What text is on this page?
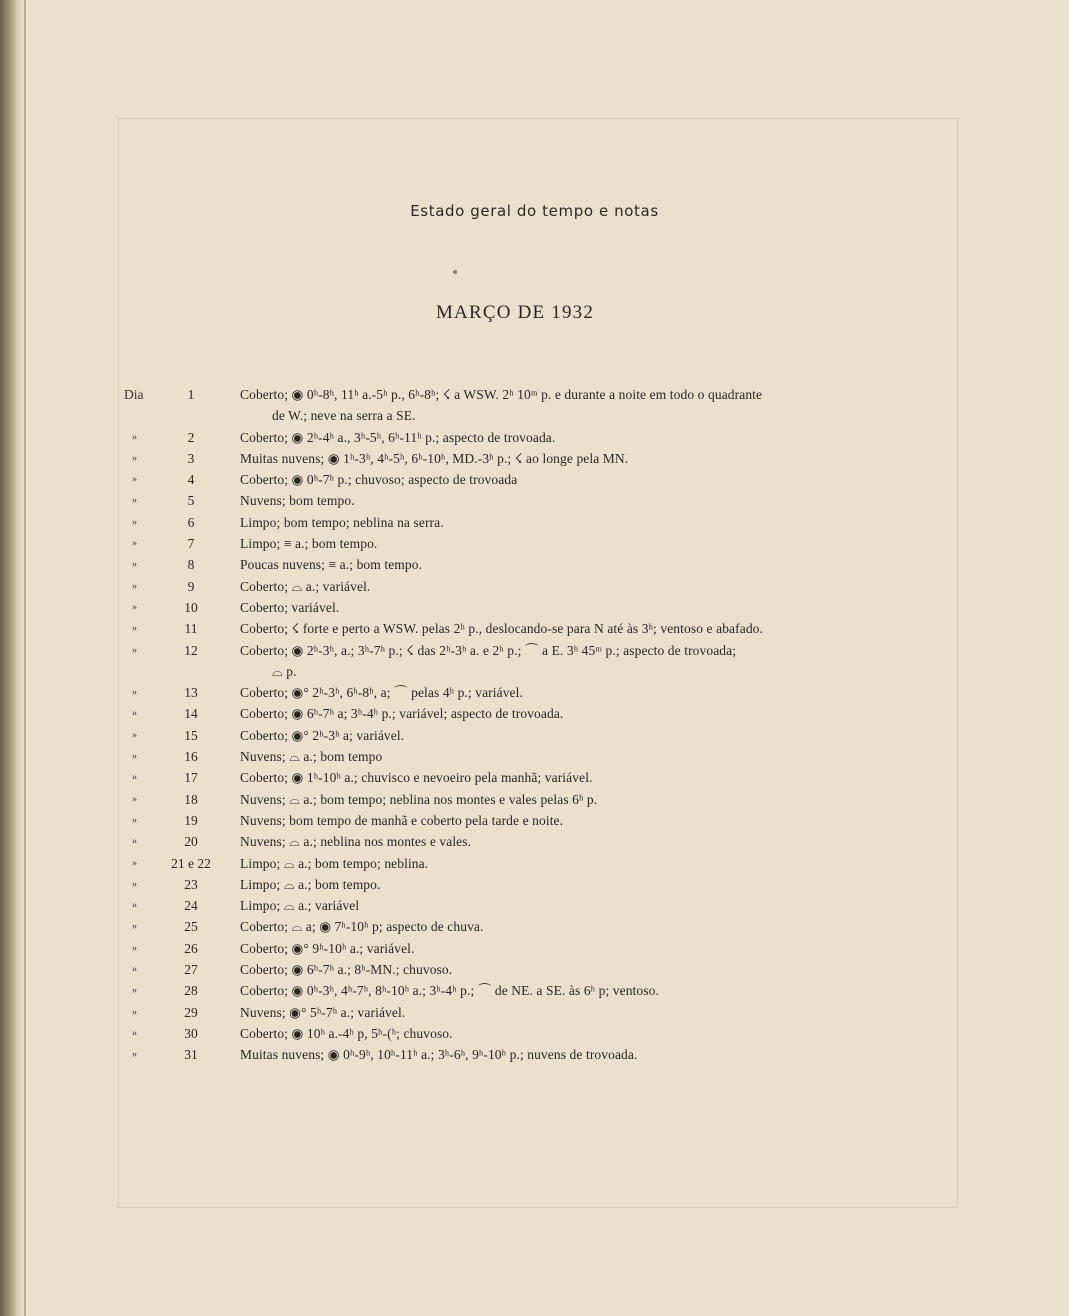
Estado geral do tempo e notas
MARÇO DE 1932
Dia	1	Coberto; ◉ 0ʰ-8ʰ, 11ʰ a.-5ʰ p., 6ʰ-8ʰ; ☇ a WSW. 2ʰ 10ᵐ p. e durante a noite em todo o quadrante
de W.; neve na serra a SE.
»	2	Coberto; ◉ 2ʰ-4ʰ a., 3ʰ-5ʰ, 6ʰ-11ʰ p.; aspecto de trovoada.
»	3	Muitas nuvens; ◉ 1ʰ-3ʰ, 4ʰ-5ʰ, 6ʰ-10ʰ, MD.-3ʰ p.; ☇ ao longe pela MN.
»	4	Coberto; ◉ 0ʰ-7ʰ p.; chuvoso; aspecto de trovoada
»	5	Nuvens; bom tempo.
»	6	Limpo; bom tempo; neblina na serra.
»	7	Limpo; ≡ a.; bom tempo.
»	8	Poucas nuvens; ≡ a.; bom tempo.
»	9	Coberto; ⌓ a.; variável.
»	10	Coberto; variável.
»	11	Coberto; ☇ forte e perto a WSW. pelas 2ʰ p., deslocando-se para N até às 3ʰ; ventoso e abafado.
»	12	Coberto; ◉ 2ʰ-3ʰ, a.; 3ʰ-7ʰ p.; ☇ das 2ʰ-3ʰ a. e 2ʰ p.; ⌒ a E. 3ʰ 45ᵐ p.; aspecto de trovoada;
⌓ p.
»	13	Coberto; ◉° 2ʰ-3ʰ, 6ʰ-8ʰ, a; ⌒ pelas 4ʰ p.; variável.
»	14	Coberto; ◉ 6ʰ-7ʰ a; 3ʰ-4ʰ p.; variável; aspecto de trovoada.
»	15	Coberto; ◉° 2ʰ-3ʰ a; variável.
»	16	Nuvens; ⌓ a.; bom tempo
»	17	Coberto; ◉ 1ʰ-10ʰ a.; chuvisco e nevoeiro pela manhã; variável.
»	18	Nuvens; ⌓ a.; bom tempo; neblina nos montes e vales pelas 6ʰ p.
»	19	Nuvens; bom tempo de manhã e coberto pela tarde e noite.
»	20	Nuvens; ⌓ a.; neblina nos montes e vales.
»	21 e 22	Limpo; ⌓ a.; bom tempo; neblina.
»	23	Limpo; ⌓ a.; bom tempo.
»	24	Limpo; ⌓ a.; variável
»	25	Coberto; ⌓ a; ◉ 7ʰ-10ʰ p; aspecto de chuva.
»	26	Coberto; ◉° 9ʰ-10ʰ a.; variável.
»	27	Coberto; ◉ 6ʰ-7ʰ a.; 8ʰ-MN.; chuvoso.
»	28	Coberto; ◉ 0ʰ-3ʰ, 4ʰ-7ʰ, 8ʰ-10ʰ a.; 3ʰ-4ʰ p.; ⌒ de NE. a SE. às 6ʰ p; ventoso.
»	29	Nuvens; ◉° 5ʰ-7ʰ a.; variável.
»	30	Coberto; ◉ 10ʰ a.-4ʰ p, 5ʰ-(ʰ; chuvoso.
»	31	Muitas nuvens; ◉ 0ʰ-9ʰ, 10ʰ-11ʰ a.; 3ʰ-6ʰ, 9ʰ-10ʰ p.; nuvens de trovoada.
